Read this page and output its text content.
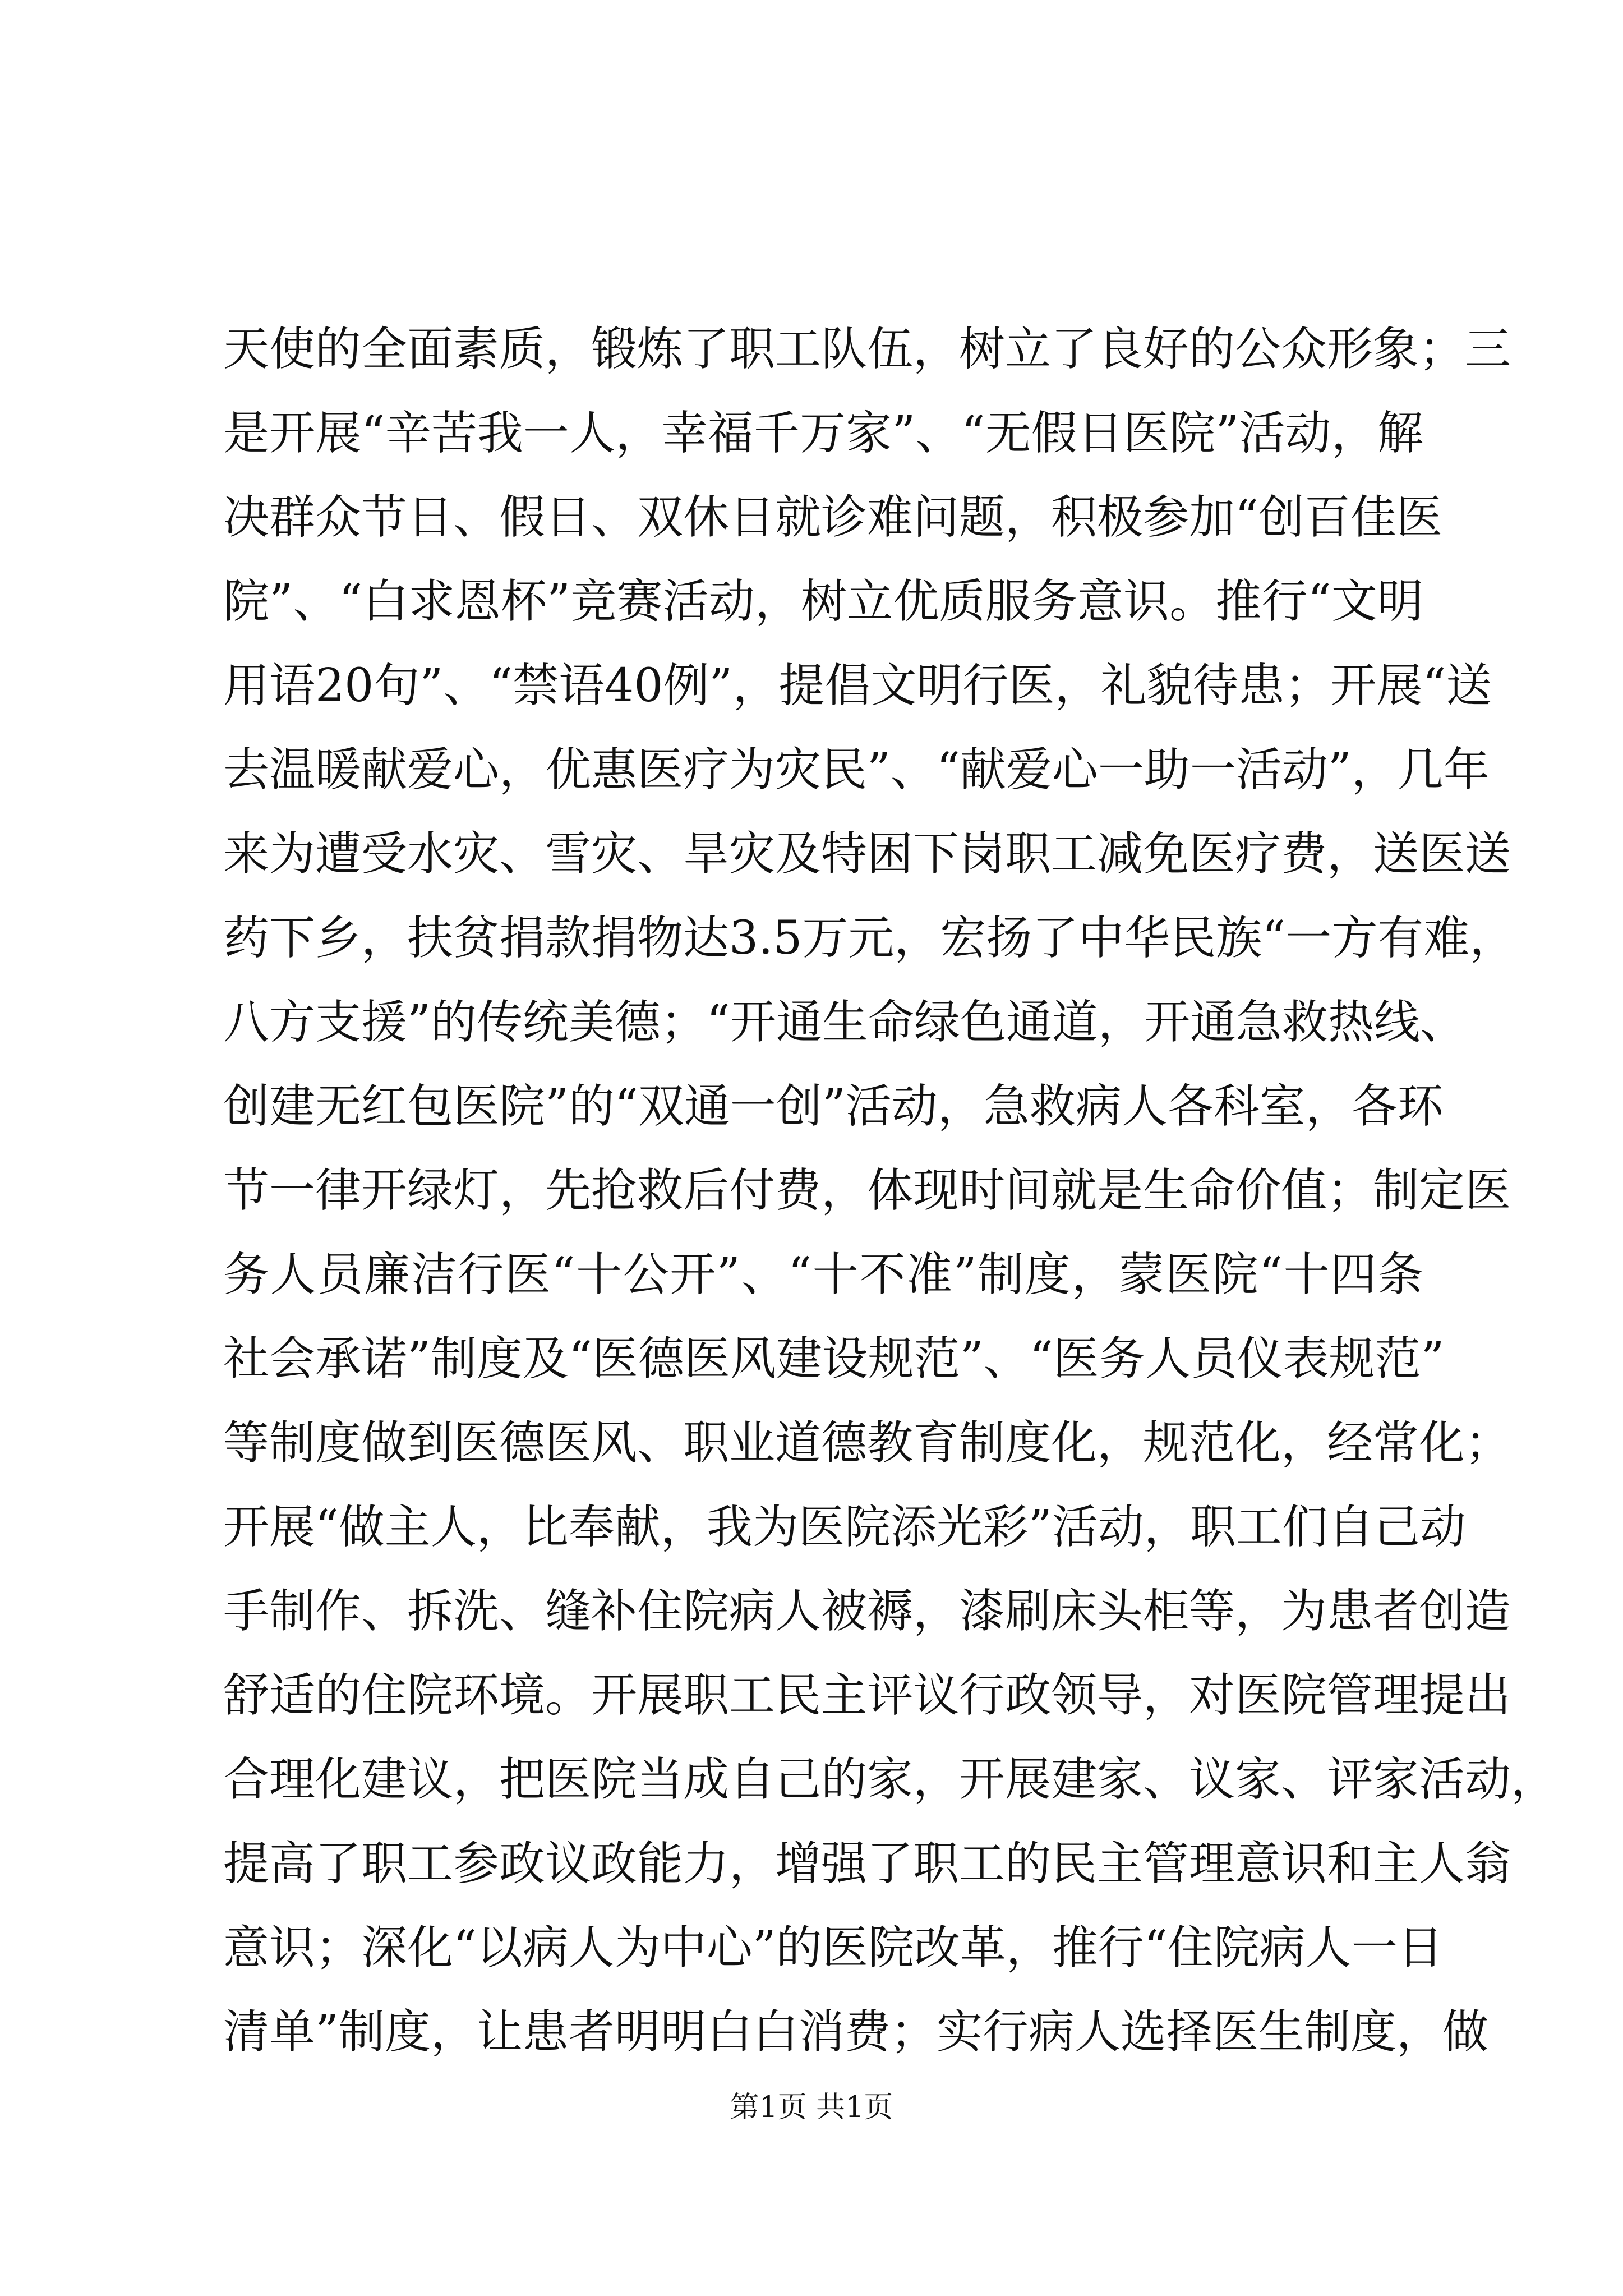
天使的全面素质，锻炼了职工队伍，树立了良好的公众形象；三
是开展“辛苦我一人，幸福千万家”、“无假日医院”活动，解
决群众节日、假日、双休日就诊难问题，积极参加“创百佳医
院”、“白求恩杯”竞赛活动，树立优质服务意识。推行“文明
用语20句”、“禁语40例”，提倡文明行医，礼貌待患；开展“送
去温暖献爱心，优惠医疗为灾民”、“献爱心一助一活动”，几年
来为遭受水灾、雪灾、旱灾及特困下岗职工减免医疗费，送医送
药下乡，扶贫捐款捐物达3.5万元，宏扬了中华民族“一方有难，
八方支援”的传统美德；“开通生命绿色通道，开通急救热线、
创建无红包医院”的“双通一创”活动，急救病人各科室，各环
节一律开绿灯，先抢救后付费，体现时间就是生命价值；制定医
务人员廉洁行医“十公开”、“十不准”制度，蒙医院“十四条
社会承诺”制度及“医德医风建设规范”、“医务人员仪表规范”
等制度做到医德医风、职业道德教育制度化，规范化，经常化；
开展“做主人，比奉献，我为医院添光彩”活动，职工们自己动
手制作、拆洗、缝补住院病人被褥，漆刷床头柜等，为患者创造
舒适的住院环境。开展职工民主评议行政领导，对医院管理提出
合理化建议，把医院当成自己的家，开展建家、议家、评家活动，
提高了职工参政议政能力，增强了职工的民主管理意识和主人翁
意识；深化“以病人为中心”的医院改革，推行“住院病人一日
清单”制度，让患者明明白白消费；实行病人选择医生制度，做
第1页 共1页
